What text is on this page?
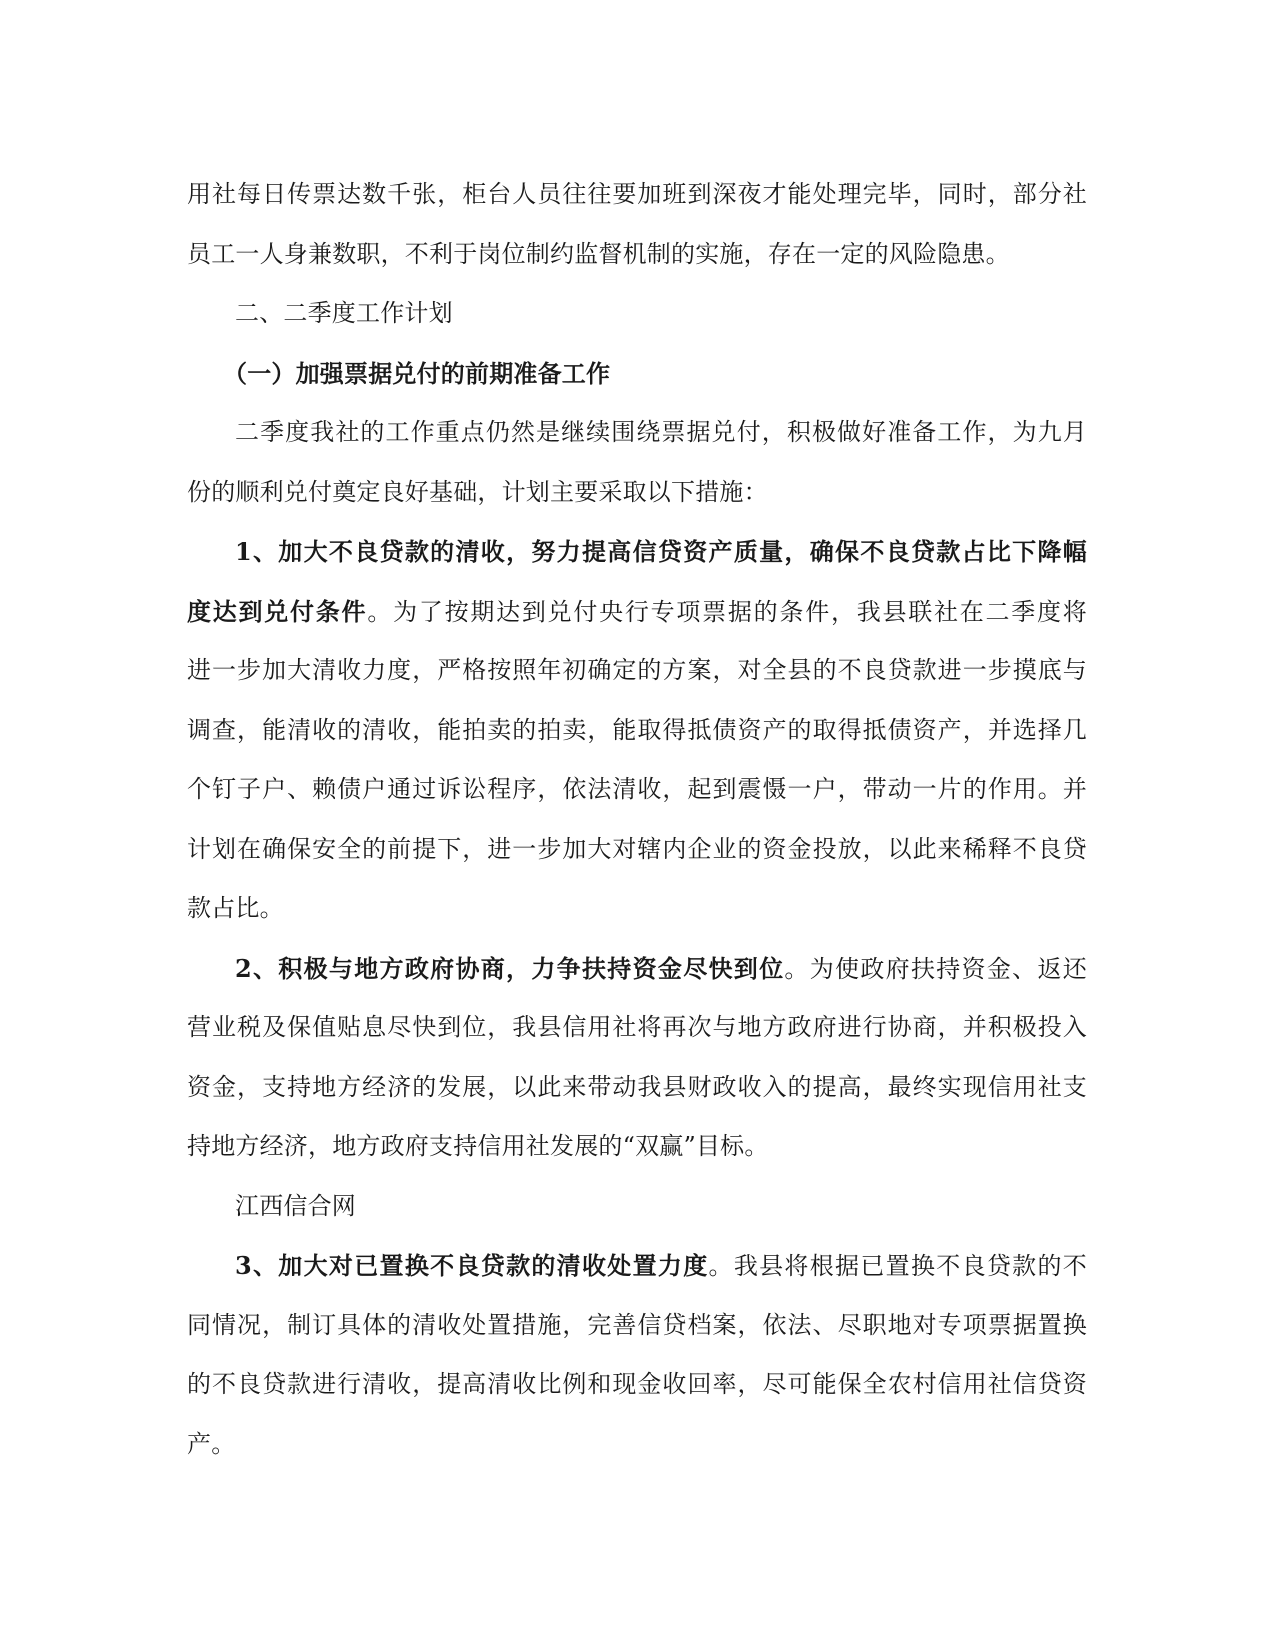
用社每日传票达数千张，柜台人员往往要加班到深夜才能处理完毕，同时，部分社
员工一人身兼数职，不利于岗位制约监督机制的实施，存在一定的风险隐患。
二、二季度工作计划
（一）加强票据兑付的前期准备工作
二季度我社的工作重点仍然是继续围绕票据兑付，积极做好准备工作，为九月
份的顺利兑付奠定良好基础，计划主要采取以下措施：
1、加大不良贷款的清收，努力提高信贷资产质量，确保不良贷款占比下降幅
度达到兑付条件。为了按期达到兑付央行专项票据的条件，我县联社在二季度将
进一步加大清收力度，严格按照年初确定的方案，对全县的不良贷款进一步摸底与
调查，能清收的清收，能拍卖的拍卖，能取得抵债资产的取得抵债资产，并选择几
个钉子户、赖债户通过诉讼程序，依法清收，起到震慑一户，带动一片的作用。并
计划在确保安全的前提下，进一步加大对辖内企业的资金投放，以此来稀释不良贷
款占比。
2、积极与地方政府协商，力争扶持资金尽快到位。为使政府扶持资金、返还
营业税及保值贴息尽快到位，我县信用社将再次与地方政府进行协商，并积极投入
资金，支持地方经济的发展，以此来带动我县财政收入的提高，最终实现信用社支
持地方经济，地方政府支持信用社发展的“双赢”目标。
江西信合网
3、加大对已置换不良贷款的清收处置力度。我县将根据已置换不良贷款的不
同情况，制订具体的清收处置措施，完善信贷档案，依法、尽职地对专项票据置换
的不良贷款进行清收，提高清收比例和现金收回率，尽可能保全农村信用社信贷资
产。
